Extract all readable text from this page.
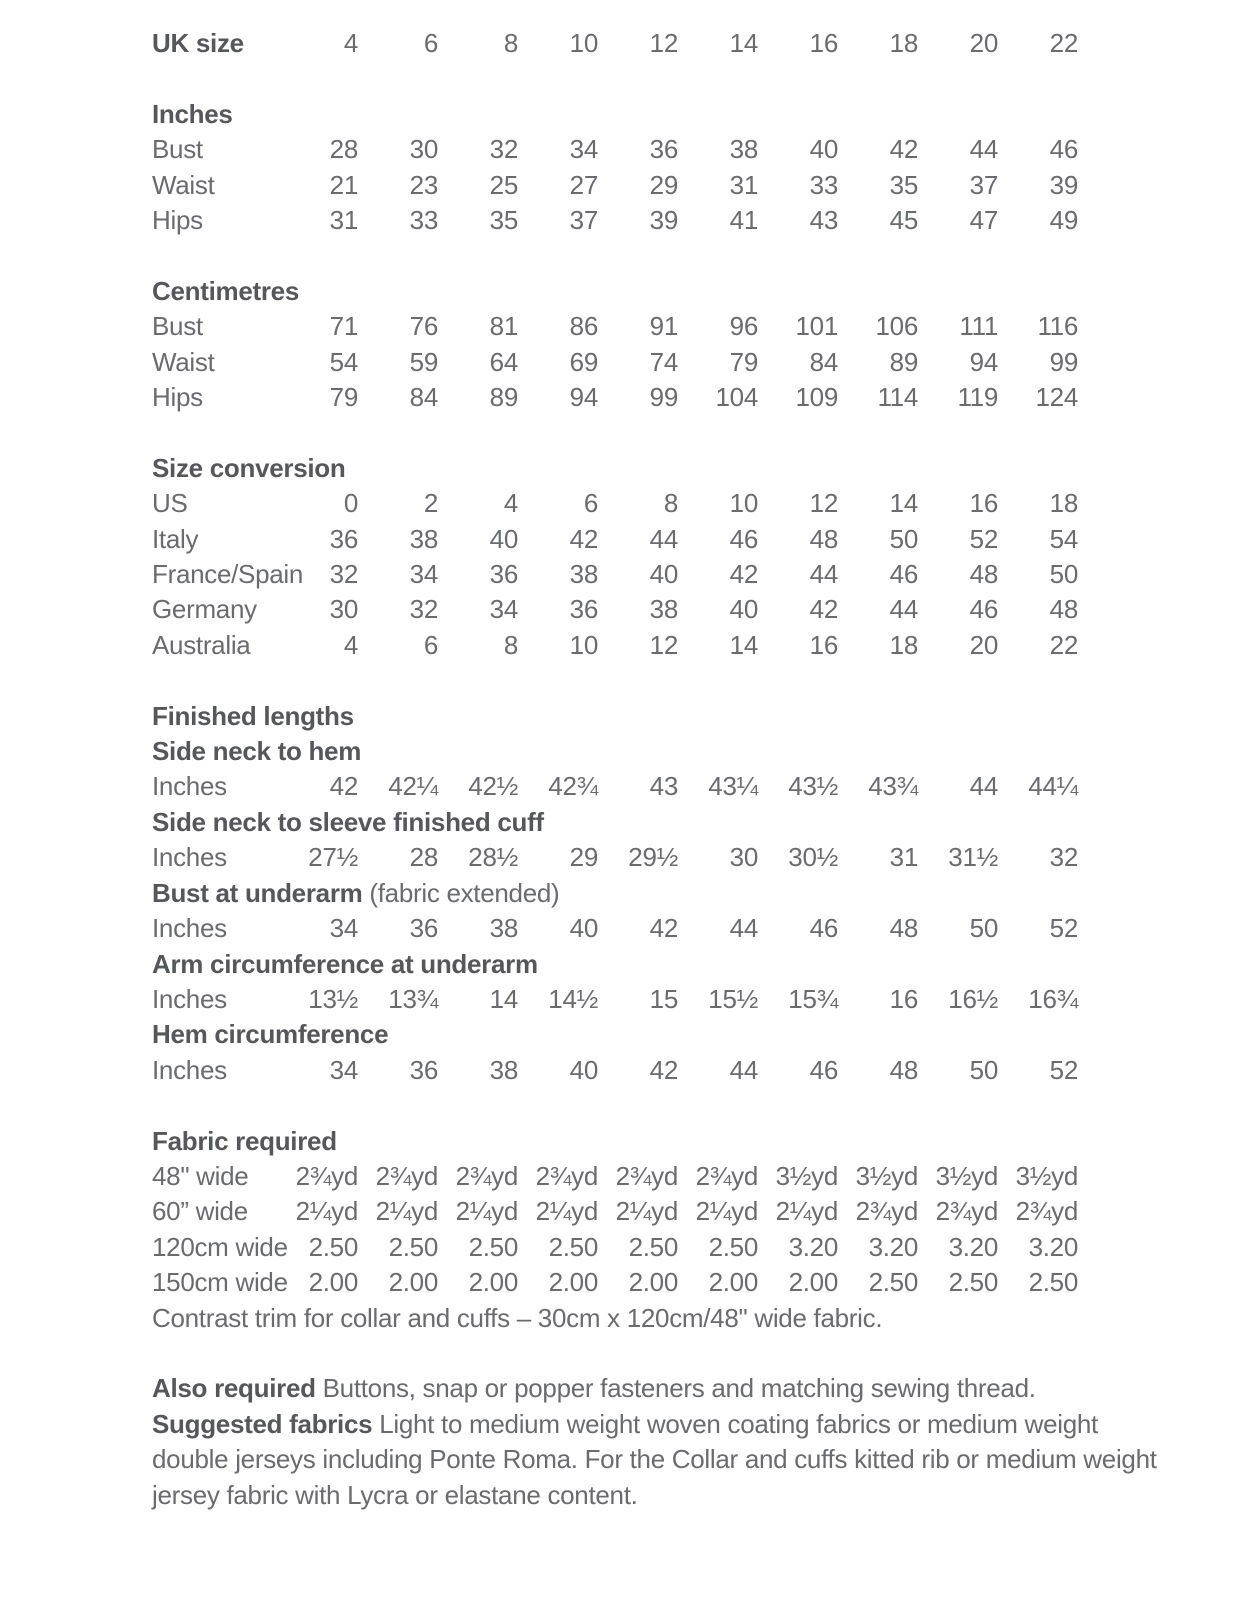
UK size	4	6	8	10	12	14	16	18	20	22
Inches
Bust	28	30	32	34	36	38	40	42	44	46
Waist	21	23	25	27	29	31	33	35	37	39
Hips	31	33	35	37	39	41	43	45	47	49
Centimetres
Bust	71	76	81	86	91	96	101	106	111	116
Waist	54	59	64	69	74	79	84	89	94	99
Hips	79	84	89	94	99	104	109	114	119	124
Size conversion
US	0	2	4	6	8	10	12	14	16	18
Italy	36	38	40	42	44	46	48	50	52	54
France/Spain	32	34	36	38	40	42	44	46	48	50
Germany	30	32	34	36	38	40	42	44	46	48
Australia	4	6	8	10	12	14	16	18	20	22
Finished lengths
Side neck to hem
Inches	42	42¼	42½	42¾	43	43¼	43½	43¾	44	44¼
Side neck to sleeve finished cuff
Inches	27½	28	28½	29	29½	30	30½	31	31½	32
Bust at underarm (fabric extended)
Inches	34	36	38	40	42	44	46	48	50	52
Arm circumference at underarm
Inches	13½	13¾	14	14½	15	15½	15¾	16	16½	16¾
Hem circumference
Inches	34	36	38	40	42	44	46	48	50	52
Fabric required
48" wide	2¾yd 2¾yd 2¾yd 2¾yd 2¾yd 2¾yd 3½yd 3½yd 3½yd 3½yd
60” wide	2¼yd 2¼yd 2¼yd 2¼yd 2¼yd 2¼yd 2¼yd 2¾yd 2¾yd 2¾yd
120cm wide 2.50	2.50	2.50	2.50	2.50	2.50	3.20	3.20	3.20	3.20
150cm wide 2.00	2.00	2.00	2.00	2.00	2.00	2.00	2.50	2.50	2.50
Contrast trim for collar and cuffs – 30cm x 120cm/48" wide fabric.

Also required Buttons, snap or popper fasteners and matching sewing thread.

Suggested fabrics Light to medium weight woven coating fabrics or medium weight double jerseys including Ponte Roma. For the Collar and cuffs kitted rib or medium weight jersey fabric with Lycra or elastane content.
